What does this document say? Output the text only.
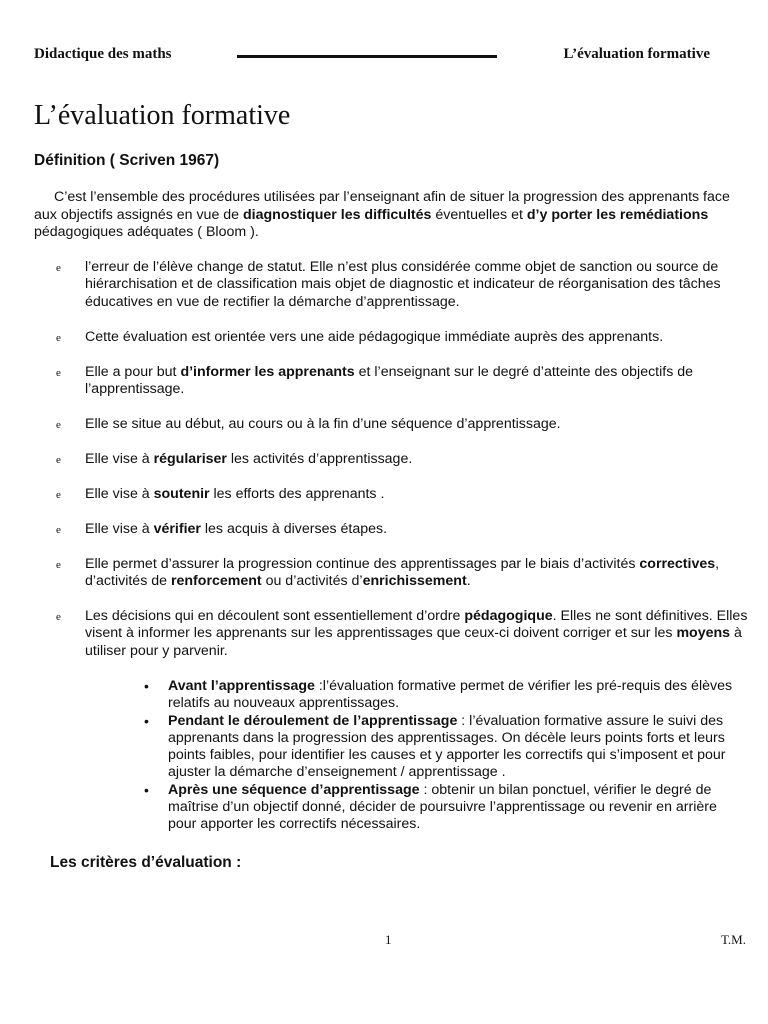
Didactique des maths	L’évaluation formative
L’évaluation formative
Définition ( Scriven 1967)

C’est l’ensemble des procédures utilisées par l’enseignant afin de situer la progression des apprenants face aux objectifs assignés en vue de diagnostiquer les difficultés éventuelles et d’y porter les remédiations pédagogiques adéquates ( Bloom ).

e l’erreur de l’élève change de statut. Elle n’est plus considérée comme objet de sanction ou source de hiérarchisation et de classification mais objet de diagnostic et indicateur de réorganisation des tâches éducatives en vue de rectifier la démarche d’apprentissage.
e Cette évaluation est orientée vers une aide pédagogique immédiate auprès des apprenants.
e Elle a pour but d’informer les apprenants et l’enseignant sur le degré d’atteinte des objectifs de l’apprentissage.
e Elle se situe au début, au cours ou à la fin d’une séquence d’apprentissage.
e Elle vise à régulariser les activités d’apprentissage.
e Elle vise à soutenir les efforts des apprenants .
e Elle vise à vérifier les acquis à diverses étapes.
e Elle permet d’assurer la progression continue des apprentissages par le biais d’activités correctives, d’activités de renforcement ou d’activités d’enrichissement.
e Les décisions qui en découlent sont essentiellement d’ordre pédagogique. Elles ne sont définitives. Elles visent à informer les apprenants sur les apprentissages que ceux-ci doivent corriger et sur les moyens à utiliser pour y parvenir.
• Avant l’apprentissage :l’évaluation formative permet de vérifier les pré-requis des élèves relatifs au nouveaux apprentissages.
• Pendant le déroulement de l’apprentissage : l’évaluation formative assure le suivi des apprenants dans la progression des apprentissages. On décèle leurs points forts et leurs points faibles, pour identifier les causes et y apporter les correctifs qui s’imposent et pour ajuster la démarche d’enseignement / apprentissage .
• Après une séquence d’apprentissage : obtenir un bilan ponctuel, vérifier le degré de maîtrise d’un objectif donné, décider de poursuivre l’apprentissage ou revenir en arrière pour apporter les correctifs nécessaires.
Les critères d’évaluation :
1	T.M.
